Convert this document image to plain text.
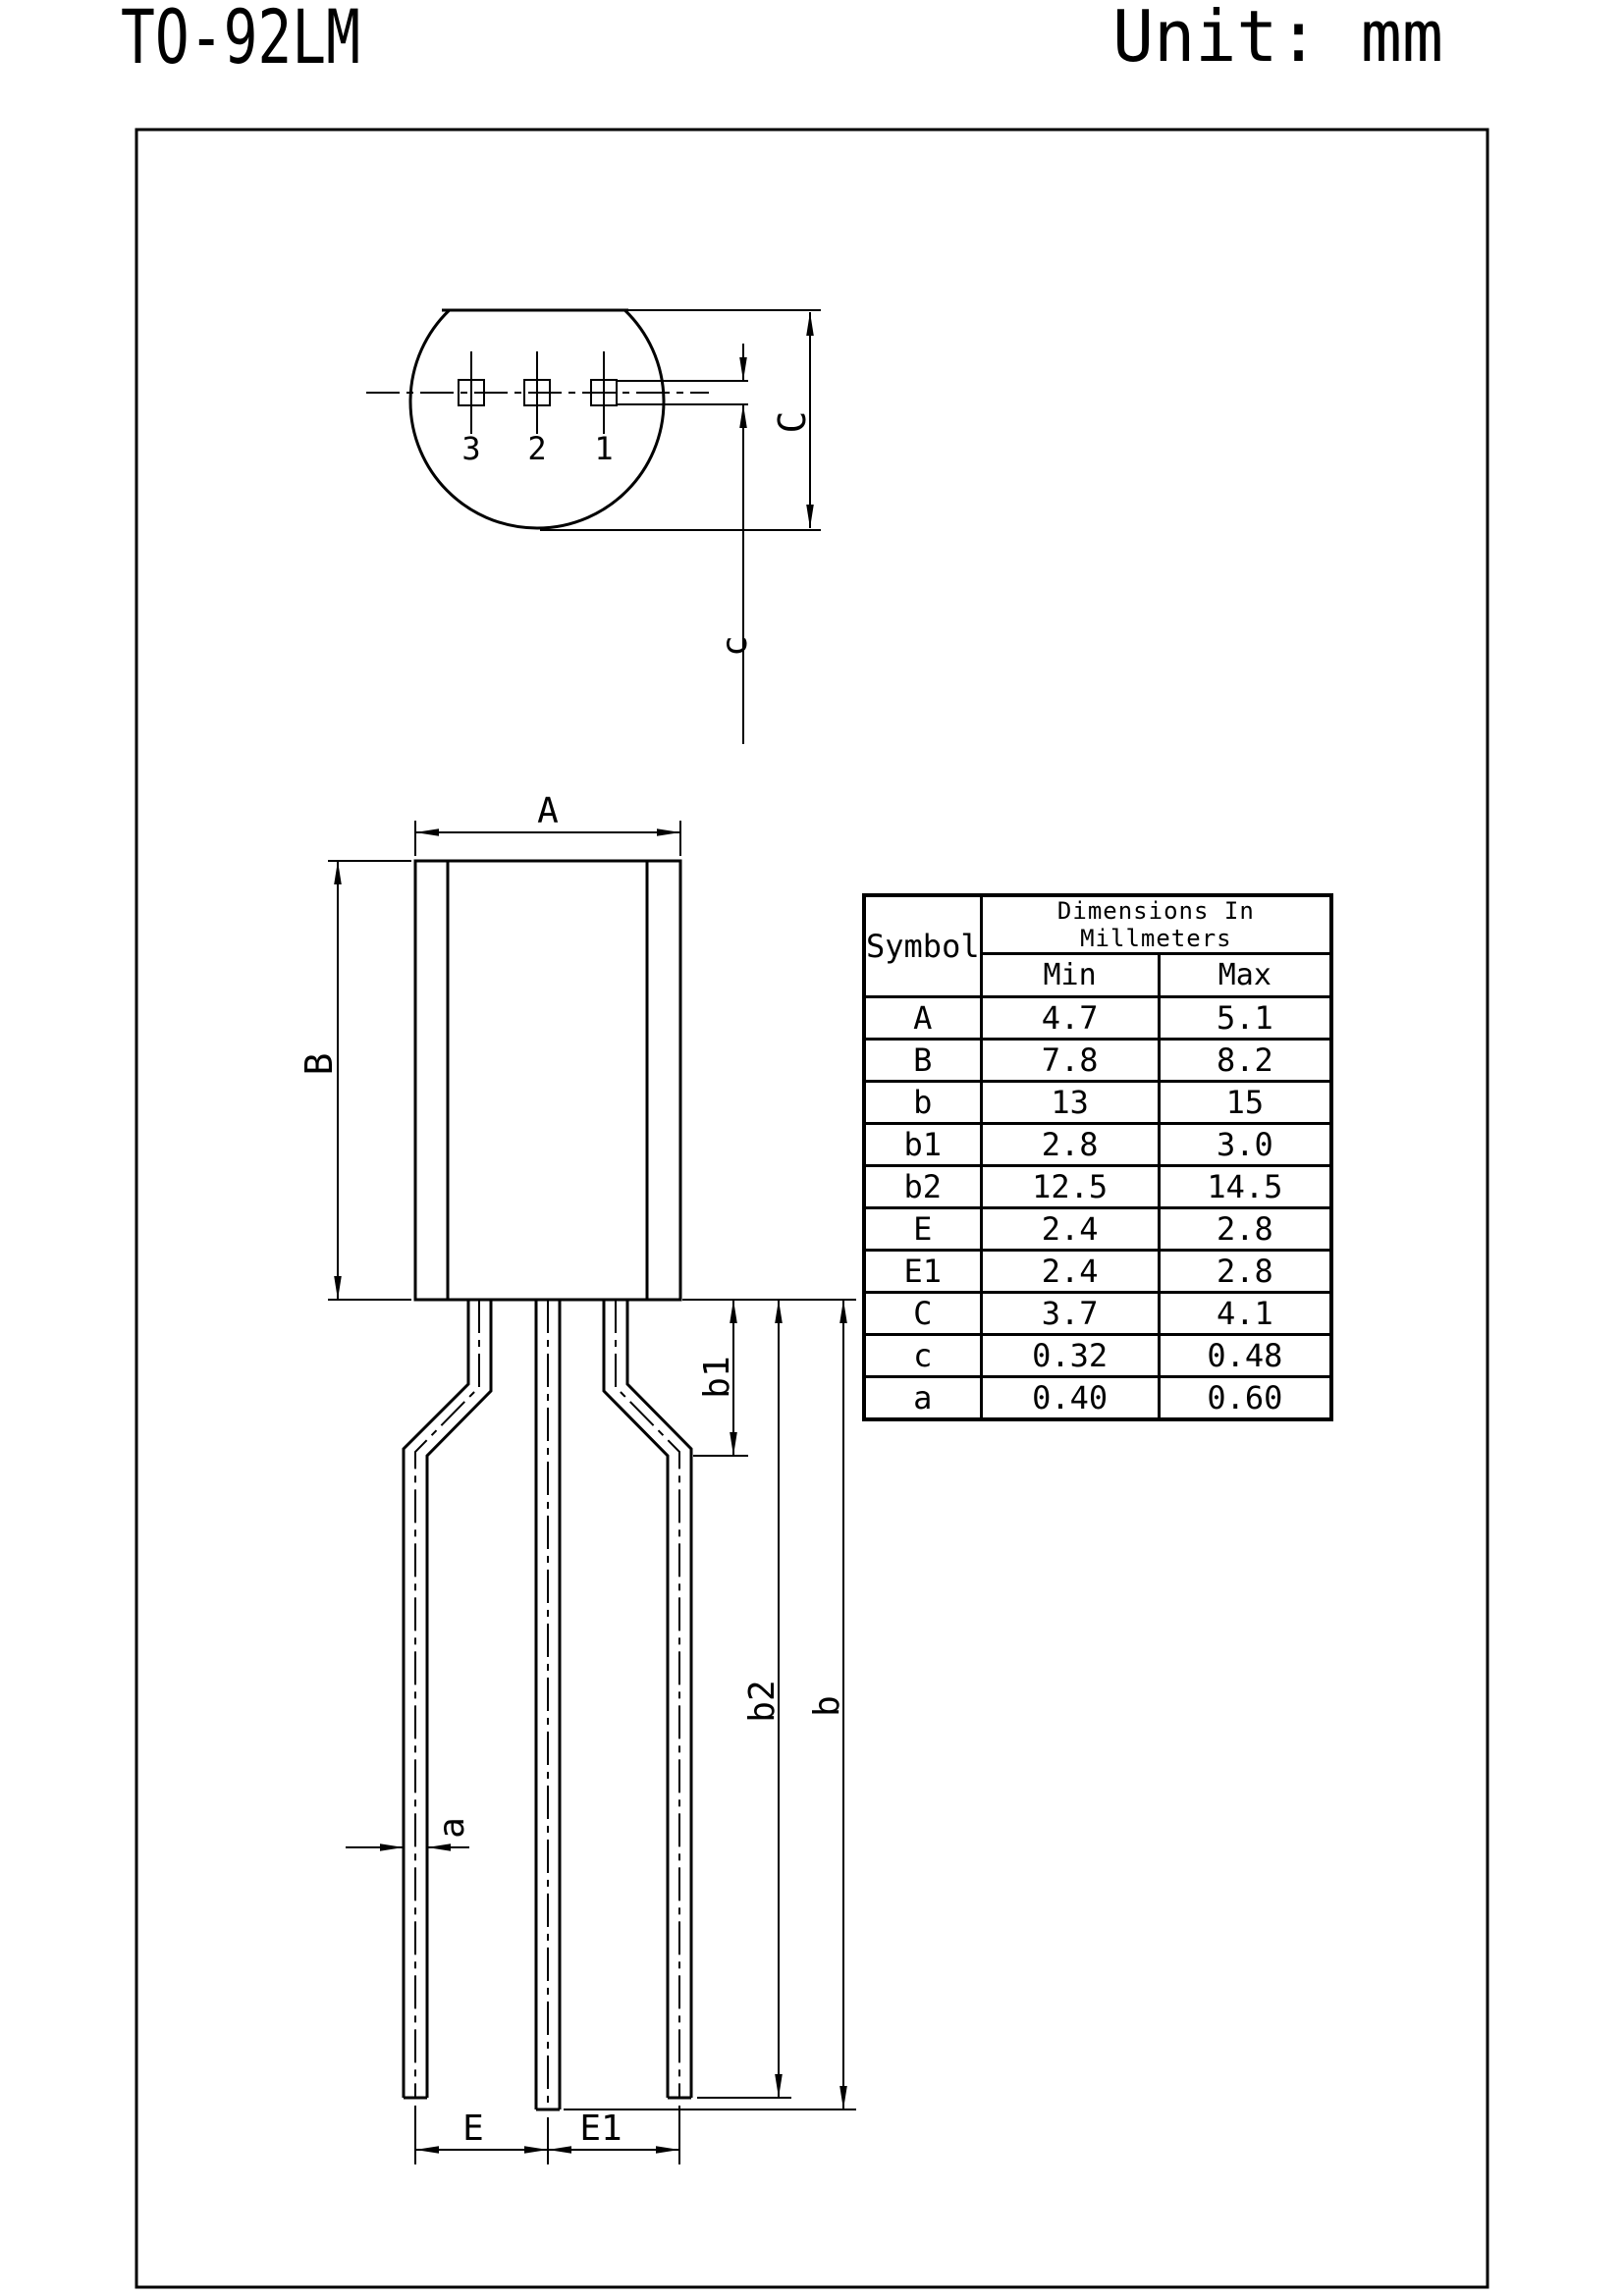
TO-92LM	Unit: mm
3 2 1
c
C
A
B
b1
b2 b
a
E	E1
Symbol	Dimensions In Millmeters	
	Min	Max
A	4.7	5.1
B	7.8	8.2
b	13	15
b1	2.8	3.0
b2	12.5	14.5
E	2.4	2.8
E1	2.4	2.8
C	3.7	4.1
c	0.32	0.48
a	0.40	0.60
